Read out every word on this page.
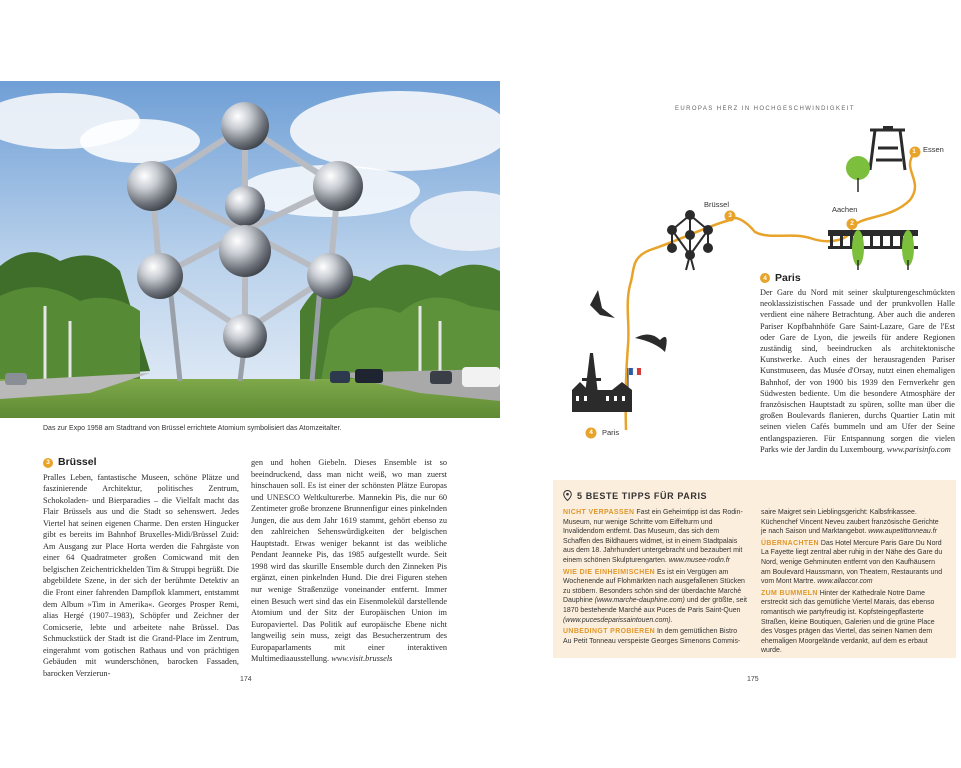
Das zur Expo 1958 am Stadtrand von Brüssel errichtete Atomium symbolisiert das Atomzeitalter.
3 Brüssel
Pralles Leben, fantastische Museen, schöne Plätze und faszinierende Architektur, politisches Zentrum, Schokoladen- und Bierparadies – die Vielfalt macht das Flair Brüssels aus und die Stadt so sehenswert. Jedes Viertel hat seinen eigenen Charme. Den ersten Hingucker gibt es bereits im Bahnhof Bruxelles-Midi/Brüssel Zuid: Am Ausgang zur Place Horta werden die Fahrgäste von einer 64 Quadratmeter großen Comicwand mit den belgischen Zeichentrickhelden Tim & Struppi begrüßt. Die abgebildete Szene, in der sich der berühmte Detektiv an die Front einer fahrenden Dampflok klammert, entstammt dem Album »Tim in Amerika«. Georges Prosper Remi, alias Hergé (1907–1983), Schöpfer und Zeichner der Comicserie, lebte und arbeitete nahe Brüssel. Das Schmuckstück der Stadt ist die Grand-Place im Zentrum, eingerahmt vom gotischen Rathaus und von prächtigen Gebäuden mit wunderschönen, barocken Fassaden, barocken Verzierun-
gen und hohen Giebeln. Dieses Ensemble ist so beeindruckend, dass man nicht weiß, wo man zuerst hinschauen soll. Es ist einer der schönsten Plätze Europas und UNESCO Weltkulturerbe. Mannekin Pis, die nur 60 Zentimeter große bronzene Brunnenfigur eines pinkelnden Jungen, die aus dem Jahr 1619 stammt, gehört ebenso zu den zahlreichen Sehenswürdigkeiten der belgischen Hauptstadt. Etwas weniger bekannt ist das weibliche Pendant Jeanneke Pis, das 1985 aufgestellt wurde. Seit 1998 wird das skurille Ensemble durch den Zinneken Pis ergänzt, einen pinkelnden Hund. Die drei Figuren stehen nur wenige Straßenzüge voneinander entfernt. Immer einen Besuch wert sind das ein Eisenmolekül darstellende Atomium und der Sitz der Europäischen Union im Europaviertel. Das Politik auf europäische Ebene nicht langweilig sein muss, zeigt das Besucherzentrum des Europaparlaments mit einer interaktiven Multimediaausstellung. www.visit.brussels
174
EUROPAS HERZ IN HOCHGESCHWINDIGKEIT
1 Essen
2
Aachen
3
Brüssel
4	Paris
4 Paris
Der Gare du Nord mit seiner skulpturengeschmückten neoklassizistischen Fassade und der prunkvollen Halle verdient eine nähere Betrachtung. Aber auch die anderen Pariser Kopfbahnhöfe Gare Saint-Lazare, Gare de l'Est oder Gare de Lyon, die jeweils für andere Regionen zuständig sind, beeindrucken als architektonische Kunstwerke. Auch eines der herausragenden Pariser Kunstmuseen, das Musée d'Orsay, nutzt einen ehemaligen Bahnhof, der von 1900 bis 1939 den Fernverkehr gen Südwesten bediente. Um die besondere Atmosphäre der französischen Hauptstadt zu spüren, sollte man über die großen Boulevards flanieren, durchs Quartier Latin mit seinen vielen Cafés bummeln und am Ufer der Seine entlangspazieren. Für Entspannung sorgen die vielen Parks wie der Jardin du Luxembourg. www.parisinfo.com
5 BESTE TIPPS FÜR PARIS

NICHT VERPASSEN Fast ein Geheimtipp ist das Rodin-Museum, nur wenige Schritte vom Eiffelturm und Invalidendom entfernt. Das Museum, das sich dem Schaffen des Bildhauers widmet, ist in einem Stadtpalais aus dem 18. Jahrhundert untergebracht und bezaubert mit einem schönen Skulpturengarten. www.musee-rodin.fr

WIE DIE EINHEIMISCHEN Es ist ein Vergügen am Wochenende auf Flohmärkten nach ausgefallenen Stücken zu stöbern. Besonders schön sind der überdachte Marché Dauphine (www.marche-dauphine.com) und der größte, seit 1870 bestehende Marché aux Puces de Paris Saint-Quen (www.pucesdeparissaintouen.com).

UNBEDINGT PROBIEREN In dem gemütlichen Bistro Au Petit Tonneau verspeiste Georges Simenons Commis-

saire Maigret sein Lieblingsgericht: Kalbsfrikassee. Küchenchef Vincent Neveu zaubert französische Gerichte je nach Saison und Marktangebot. www.aupetittonneau.fr

ÜBERNACHTEN Das Hotel Mercure Paris Gare Du Nord La Fayette liegt zentral aber ruhig in der Nähe des Gare du Nord, wenige Gehminuten entfernt von den Kaufhäusern am Boulevard Haussmann, von Theatern, Restaurants und vom Mont Martre. www.allaccor.com

ZUM BUMMELN Hinter der Kathedrale Notre Dame erstreckt sich das gemütliche Viertel Marais, das ebenso romantisch wie partyfreudig ist. Kopfsteingepflasterte Straßen, kleine Boutiquen, Galerien und die grüne Place des Vosges prägen das Viertel, das seinen Namen dem ehemaligen Moorgelände verdankt, auf dem es erbaut wurde.

175
